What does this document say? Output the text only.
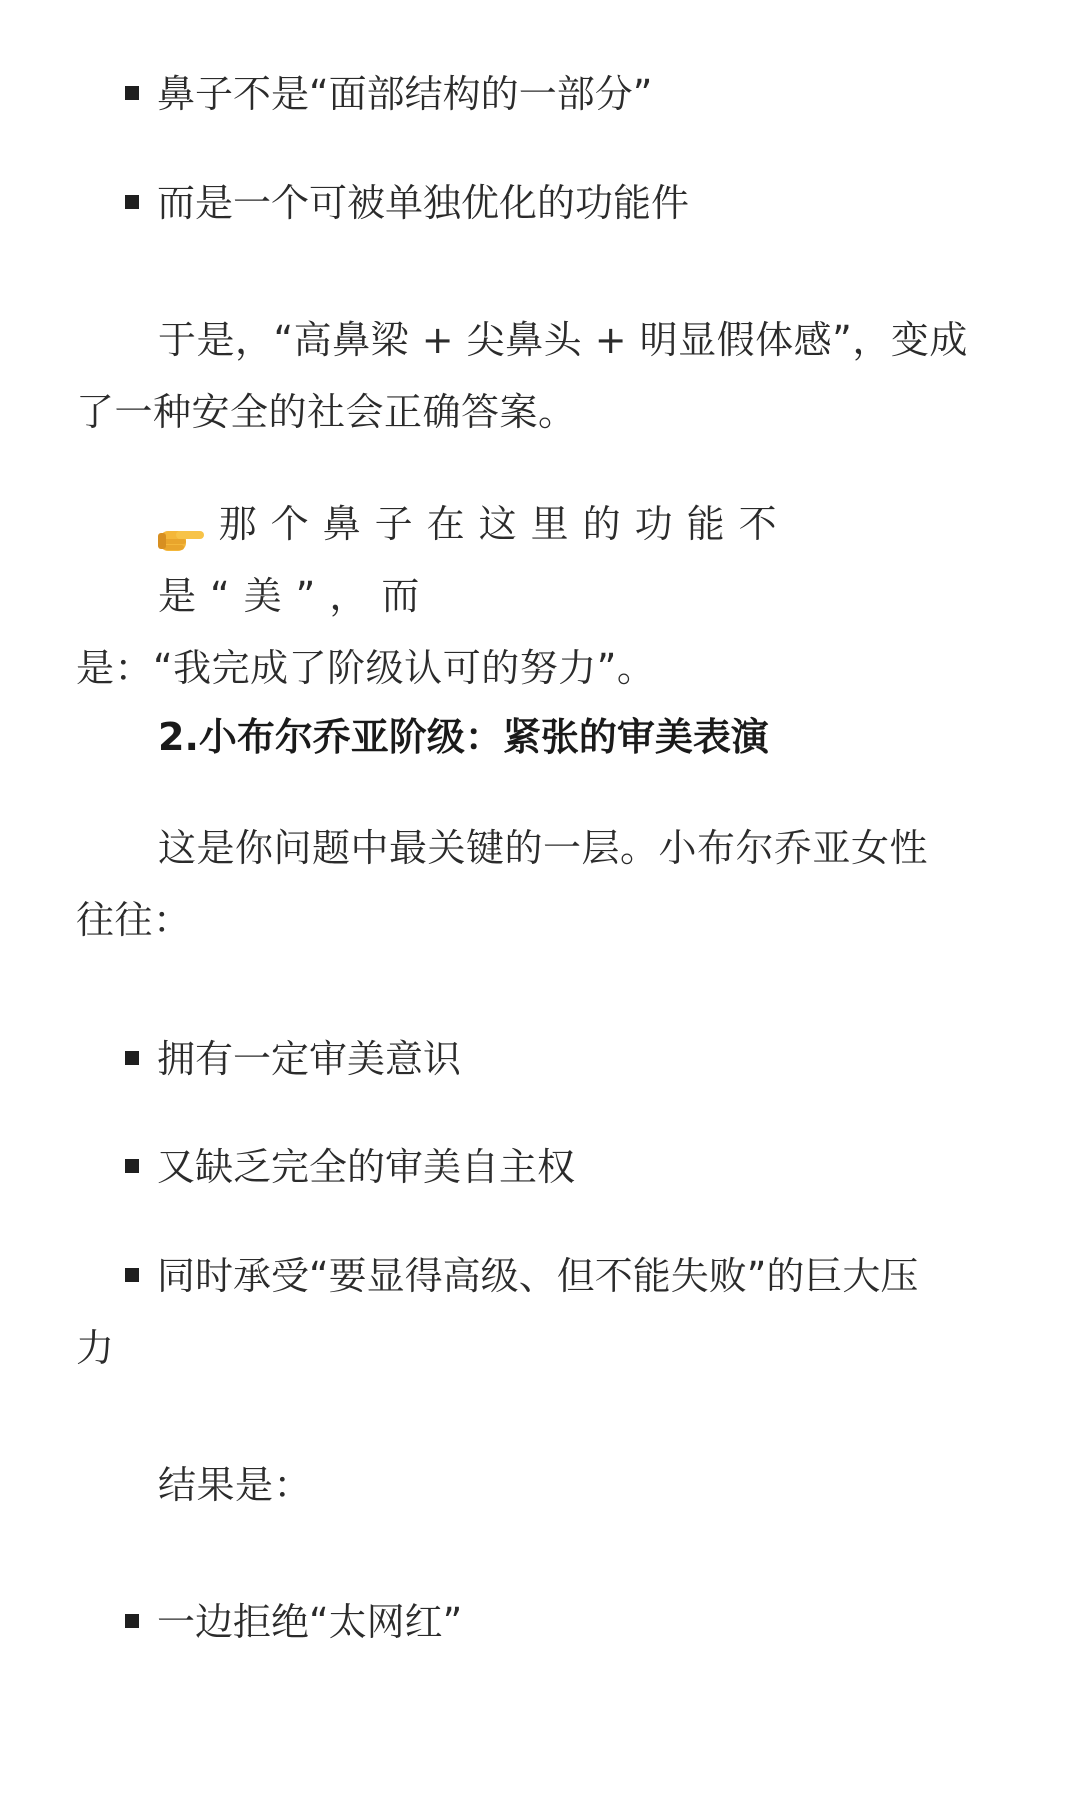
鼻子不是“面部结构的一部分”
而是一个可被单独优化的功能件
于是，“高鼻梁 + 尖鼻头 + 明显假体感”，变成
了一种安全的社会正确答案。
那个鼻子在这里的功能不是“美”，而
是：“我完成了阶级认可的努力”。
2.小布尔乔亚阶级：紧张的审美表演
这是你问题中最关键的一层。小布尔乔亚女性
往往：
拥有一定审美意识
又缺乏完全的审美自主权
同时承受“要显得高级、但不能失败”的巨大压
力
结果是：
一边拒绝“太网红”
